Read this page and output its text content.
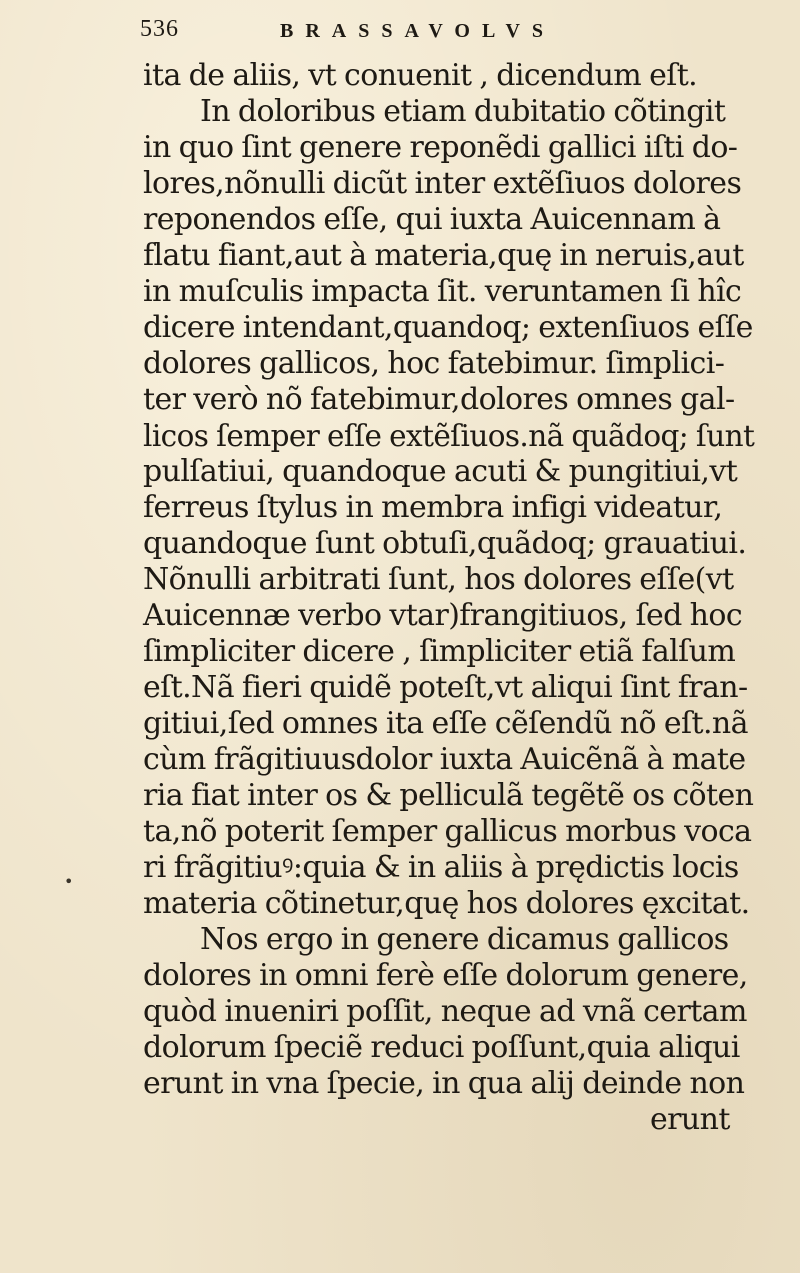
536	BRASSAVOLVS
ita de aliis, vt conuenit , dicendum eſt.
In doloribus etiam dubitatio cõtingit
in quo ſint genere reponẽdi gallici iſti do-
lores,nõnulli dicũt inter extẽſiuos dolores
reponendos eſſe, qui iuxta Auicennam à
flatu fiant,aut à materia,quę in neruis,aut
in muſculis impacta ſit. veruntamen ſi hîc
dicere intendant,quandoq; extenſiuos eſſe
dolores gallicos, hoc fatebimur. ſimplici-
ter verò nõ fatebimur,dolores omnes gal-
licos ſemper eſſe extẽſiuos.nã quãdoq; ſunt
pulſatiui, quandoque acuti & pungitiui,vt
ferreus ſtylus in membra infigi videatur,
quandoque ſunt obtuſi,quãdoq; grauatiui.
Nõnulli arbitrati ſunt, hos dolores eſſe(vt
Auicennæ verbo vtar)frangitiuos, ſed hoc
ſimpliciter dicere , ſimpliciter etiã falſum
eſt.Nã fieri quidẽ poteſt,vt aliqui ſint fran-
gitiui,ſed omnes ita eſſe cẽſendũ nõ eſt.nã
cùm frãgitiuusdolor iuxta Auicẽnã à mate
ria fiat inter os & pelliculã tegẽtẽ os cõten
ta,nõ poterit ſemper gallicus morbus voca
ri frãgitiuꝰ:quia & in aliis à prędictis locis
materia cõtinetur,quę hos dolores ęxcitat.
Nos ergo in genere dicamus gallicos
dolores in omni ferè eſſe dolorum genere,
quòd inueniri poſſit, neque ad vnã certam
dolorum ſpeciẽ reduci poſſunt,quia aliqui
erunt in vna ſpecie, in qua alij deinde non
erunt
•
